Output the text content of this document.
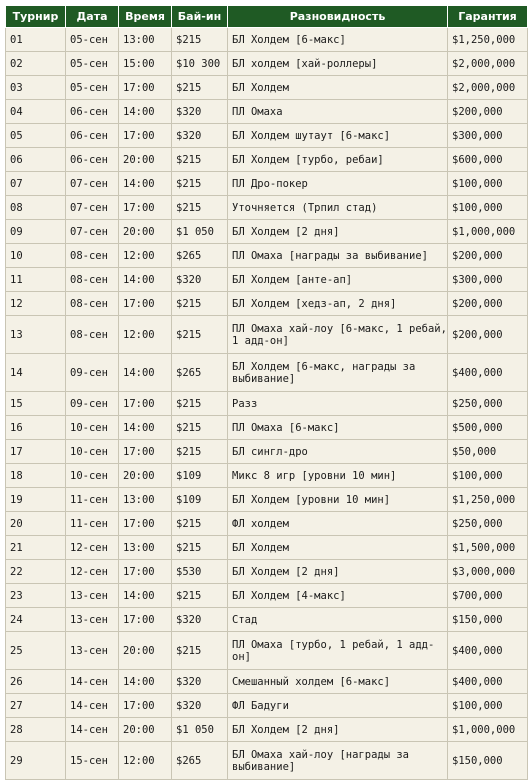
Турнир	Дата	Время	Бай-ин	Разновидность	Гарантия
01	05-сен	13:00	$215	БЛ Холдем [6-макс]	$1,250,000
02	05-сен	15:00	$10 300	БЛ холдем [хай-роллеры]	$2,000,000
03	05-сен	17:00	$215	БЛ Холдем	$2,000,000
04	06-сен	14:00	$320	ПЛ Омаха	$200,000
05	06-сен	17:00	$320	БЛ Холдем шутаут [6-макс]	$300,000
06	06-сен	20:00	$215	БЛ Холдем [турбо, ребаи]	$600,000
07	07-сен	14:00	$215	ПЛ Дро-покер	$100,000
08	07-сен	17:00	$215	Уточняется (Трпил стад)	$100,000
09	07-сен	20:00	$1 050	БЛ Холдем [2 дня]	$1,000,000
10	08-сен	12:00	$265	ПЛ Омаха [награды за выбивание]	$200,000
11	08-сен	14:00	$320	БЛ Холдем [анте-ап]	$300,000
12	08-сен	17:00	$215	БЛ Холдем [хедз-ап, 2 дня]	$200,000
13	08-сен	12:00	$215	ПЛ Омаха хай-лоу [6-макс, 1 ребай, 1 адд-он]	$200,000
14	09-сен	14:00	$265	БЛ Холдем [6-макс, награды за выбивание]	$400,000
15	09-сен	17:00	$215	Разз	$250,000
16	10-сен	14:00	$215	ПЛ Омаха [6-макс]	$500,000
17	10-сен	17:00	$215	БЛ сингл-дро	$50,000
18	10-сен	20:00	$109	Микс 8 игр [уровни 10 мин]	$100,000
19	11-сен	13:00	$109	БЛ Холдем [уровни 10 мин]	$1,250,000
20	11-сен	17:00	$215	ФЛ холдем	$250,000
21	12-сен	13:00	$215	БЛ Холдем	$1,500,000
22	12-сен	17:00	$530	БЛ Холдем [2 дня]	$3,000,000
23	13-сен	14:00	$215	БЛ Холдем [4-макс]	$700,000
24	13-сен	17:00	$320	Стад	$150,000
25	13-сен	20:00	$215	ПЛ Омаха [турбо, 1 ребай, 1 адд-он]	$400,000
26	14-сен	14:00	$320	Смешанный холдем [6-макс]	$400,000
27	14-сен	17:00	$320	ФЛ Бадуги	$100,000
28	14-сен	20:00	$1 050	БЛ Холдем [2 дня]	$1,000,000
29	15-сен	12:00	$265	БЛ Омаха хай-лоу [награды за выбивание]	$150,000
